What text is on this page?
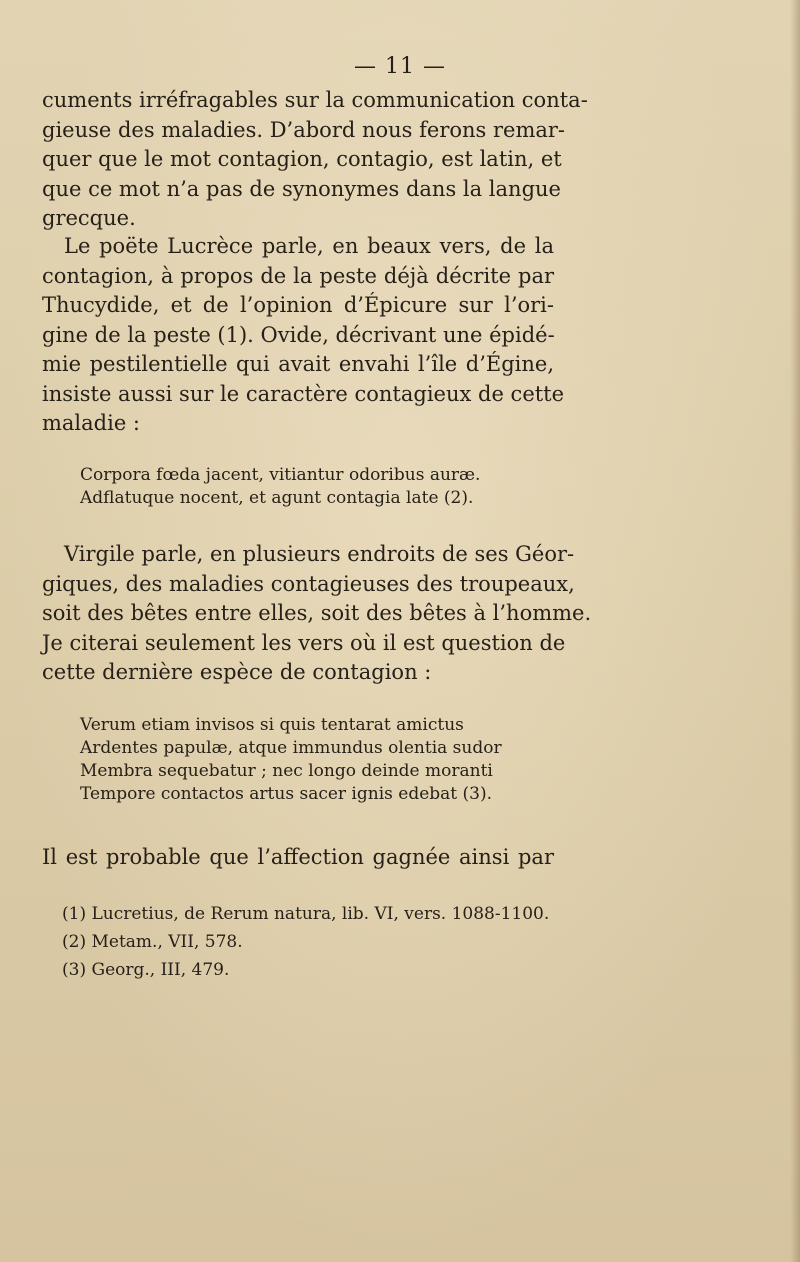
— 11 —

cuments irréfragables sur la communication conta-
gieuse des maladies. D’abord nous ferons remar-
quer que le mot contagion, contagio, est latin, et
que ce mot n’a pas de synonymes dans la langue
grecque.

Le poëte Lucrèce parle, en beaux vers, de la
contagion, à propos de la peste déjà décrite par
Thucydide, et de l’opinion d’Épicure sur l’ori-
gine de la peste (1). Ovide, décrivant une épidé-
mie pestilentielle qui avait envahi l’île d’Égine,
insiste aussi sur le caractère contagieux de cette
maladie :

Corpora fœda jacent, vitiantur odoribus auræ.
Adflatuque nocent, et agunt contagia late (2).

Virgile parle, en plusieurs endroits de ses Géor-
giques, des maladies contagieuses des troupeaux,
soit des bêtes entre elles, soit des bêtes à l’homme.
Je citerai seulement les vers où il est question de
cette dernière espèce de contagion :

Verum etiam invisos si quis tentarat amictus
Ardentes papulæ, atque immundus olentia sudor
Membra sequebatur ; nec longo deinde moranti
Tempore contactos artus sacer ignis edebat (3).

Il est probable que l’affection gagnée ainsi par

(1) Lucretius, de Rerum natura, lib. VI, vers. 1088-1100.
(2) Metam., VII, 578.
(3) Georg., III, 479.
